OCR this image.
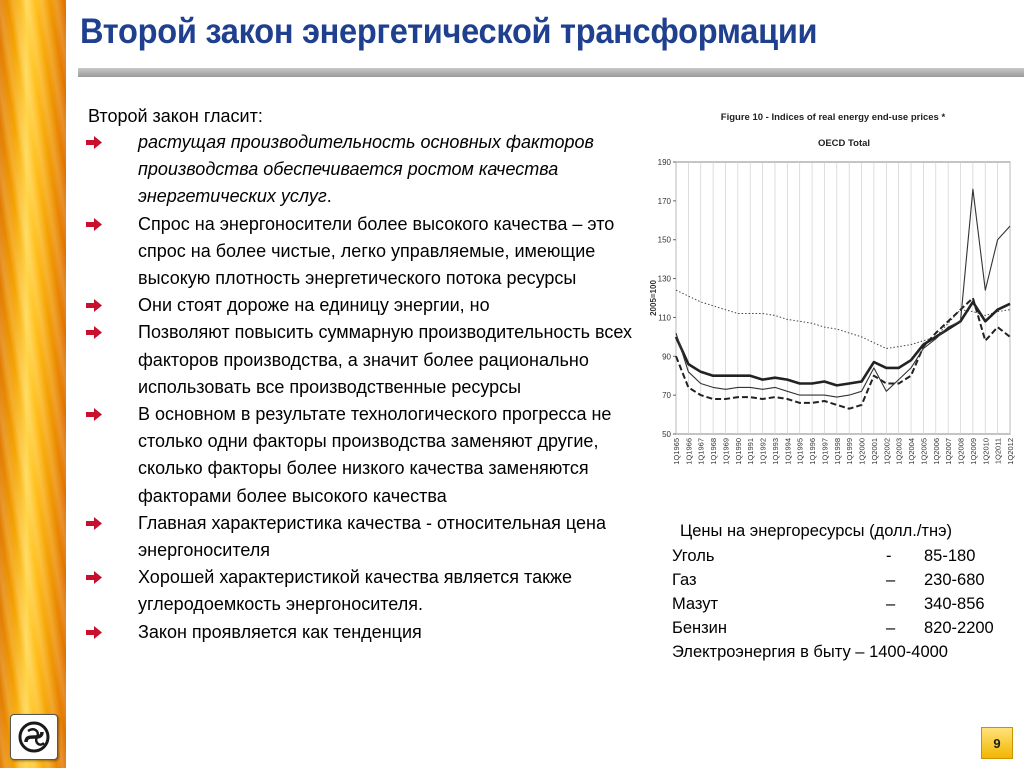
Второй закон энергетической трансформации
Второй закон гласит:
растущая производительность основных факторов производства обеспечивается ростом качества энергетических услуг.
Спрос на энергоносители более высокого качества – это спрос на более чистые, легко управляемые, имеющие высокую плотность энергетического потока ресурсы
Они стоят дороже на единицу энергии, но
Позволяют повысить суммарную производительность всех факторов производства, а значит более рационально использовать все производственные ресурсы
В основном в результате технологического прогресса не столько одни факторы производства заменяют другие, сколько факторы более низкого качества заменяются факторами более высокого качества
Главная характеристика качества - относительная цена энергоносителя
Хорошей характеристикой качества является также углеродоемкость энергоносителя.
Закон проявляется как тенденция
Figure 10 - Indices of real energy end-use prices *
OECD Total
50
70
90
110
130
150
170
190
2005=100
1Q1965 1Q1966 1Q1967 1Q1968 1Q1969 1Q1990 1Q1991 1Q1992 1Q1993 1Q1994 1Q1995 1Q1996 1Q1997 1Q1998 1Q1999 1Q2000 1Q2001 1Q2002 1Q2003 1Q2004 1Q2005 1Q2006 1Q2007 1Q2008 1Q2009 1Q2010 1Q2011 1Q2012
Цены на энергоресурсы (долл./тнэ)
Уголь	- 85-180
Газ	– 230-680
Мазут	– 340-856
Бензин	– 820-2200
Электроэнергия в быту – 1400-4000
9
